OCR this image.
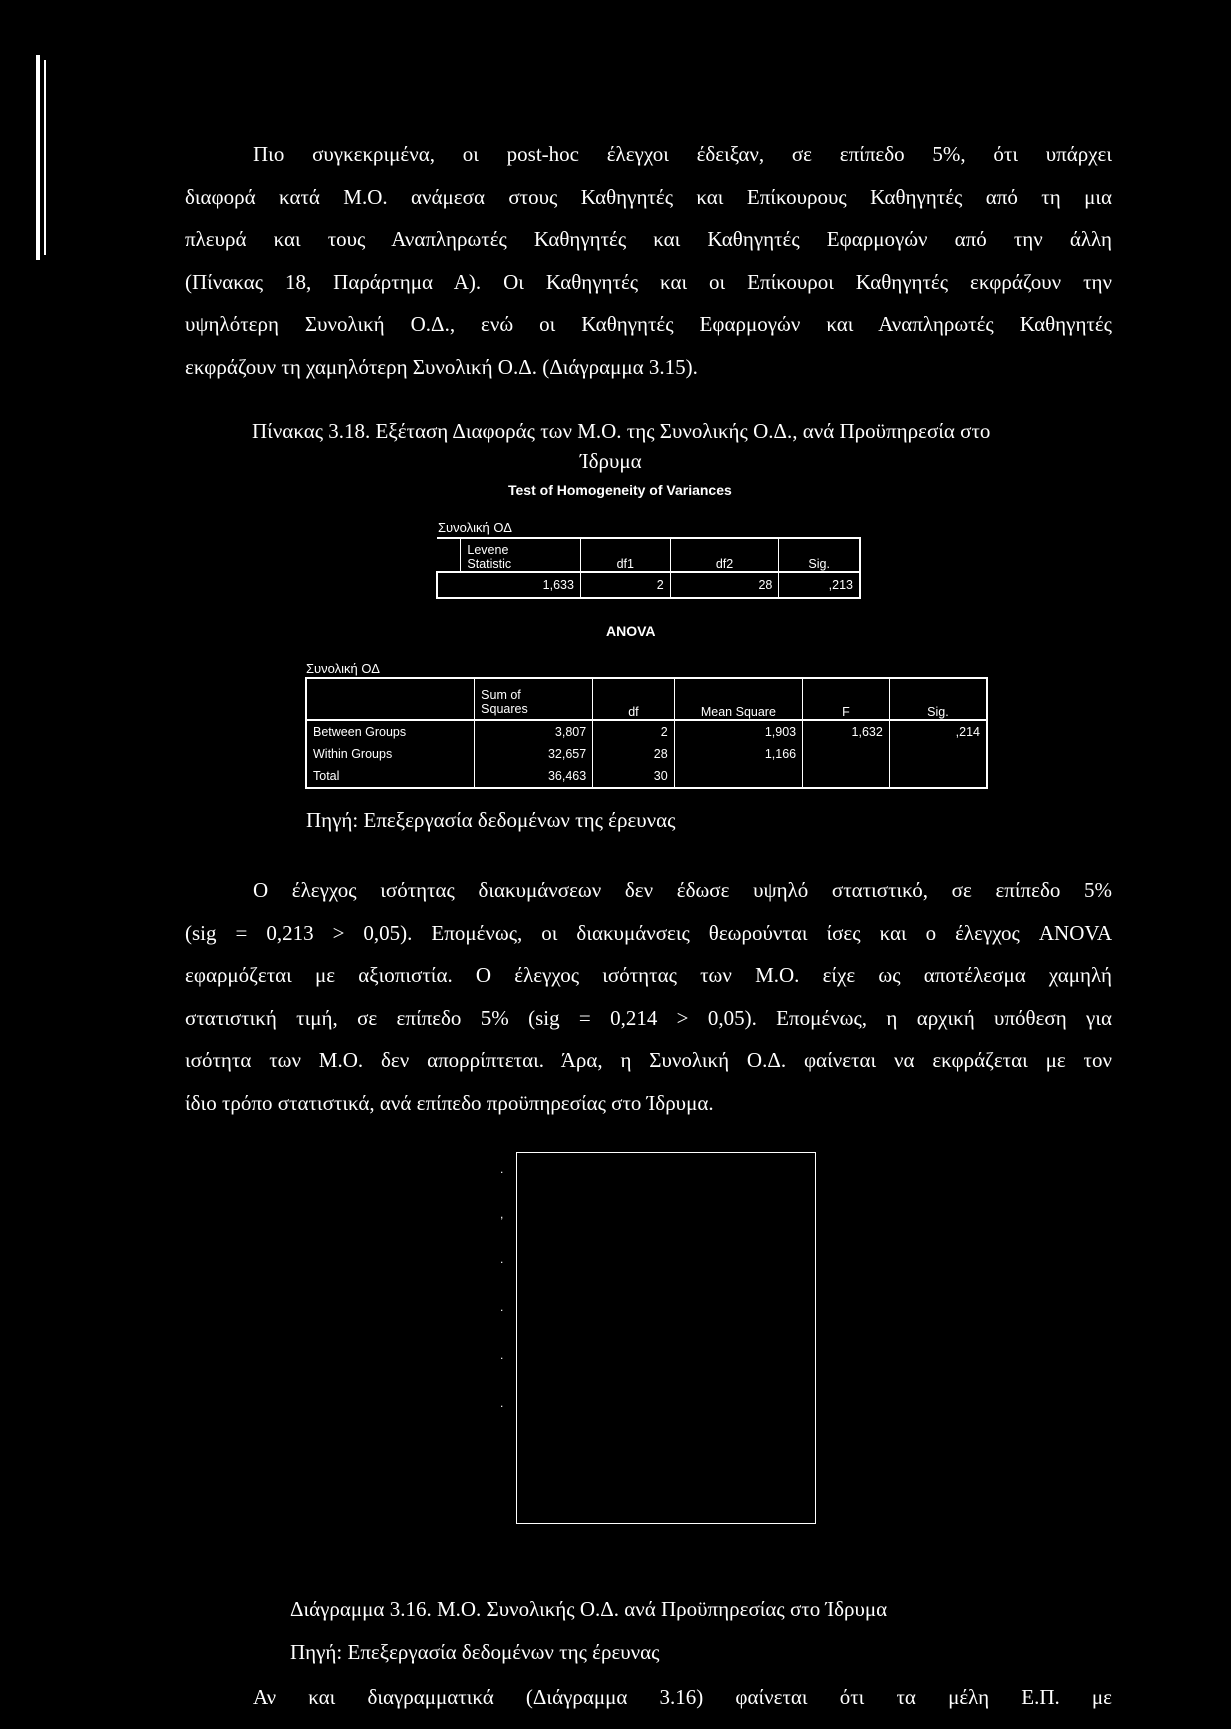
Πιο συγκεκριμένα, οι post-hoc έλεγχοι έδειξαν, σε επίπεδο 5%, ότι υπάρχει
διαφορά κατά Μ.Ο. ανάμεσα στους Καθηγητές και Επίκουρους Καθηγητές από τη μια
πλευρά και τους Αναπληρωτές Καθηγητές και Καθηγητές Εφαρμογών από την άλλη
(Πίνακας 18, Παράρτημα Α). Οι Καθηγητές και οι Επίκουροι Καθηγητές εκφράζουν την
υψηλότερη Συνολική Ο.Δ., ενώ οι Καθηγητές Εφαρμογών και Αναπληρωτές Καθηγητές
εκφράζουν τη χαμηλότερη Συνολική Ο.Δ. (Διάγραμμα 3.15).
Πίνακας 3.18. Εξέταση Διαφοράς των Μ.Ο. της Συνολικής Ο.Δ., ανά Προϋπηρεσία στο
Ίδρυμα
Test of Homogeneity of Variances
Συνολική ΟΔ
	Levene
Statistic	df1	df2	Sig.
	1,633	2	28	,213
ANOVA
Συνολική ΟΔ
	Sum of
Squares	df	Mean Square	F	Sig.
Between Groups	3,807	2	1,903	1,632	,214
Within Groups	32,657	28	1,166		
Total	36,463	30			
Πηγή: Επεξεργασία δεδομένων της έρευνας
Ο έλεγχος ισότητας διακυμάνσεων δεν έδωσε υψηλό στατιστικό, σε επίπεδο 5%
(sig = 0,213 > 0,05). Επομένως, οι διακυμάνσεις θεωρούνται ίσες και ο έλεγχος ANOVA
εφαρμόζεται με αξιοπιστία. Ο έλεγχος ισότητας των Μ.Ο. είχε ως αποτέλεσμα χαμηλή
στατιστική τιμή, σε επίπεδο 5% (sig = 0,214 > 0,05). Επομένως, η αρχική υπόθεση για
ισότητα των Μ.Ο. δεν απορρίπτεται. Άρα, η Συνολική Ο.Δ. φαίνεται να εκφράζεται με τον
ίδιο τρόπο στατιστικά, ανά επίπεδο προϋπηρεσίας στο Ίδρυμα.
.
,
.
.
.
.
Διάγραμμα 3.16. Μ.Ο. Συνολικής Ο.Δ. ανά Προϋπηρεσίας στο Ίδρυμα
Πηγή: Επεξεργασία δεδομένων της έρευνας
Αν και διαγραμματικά (Διάγραμμα 3.16) φαίνεται ότι τα μέλη Ε.Π. με
